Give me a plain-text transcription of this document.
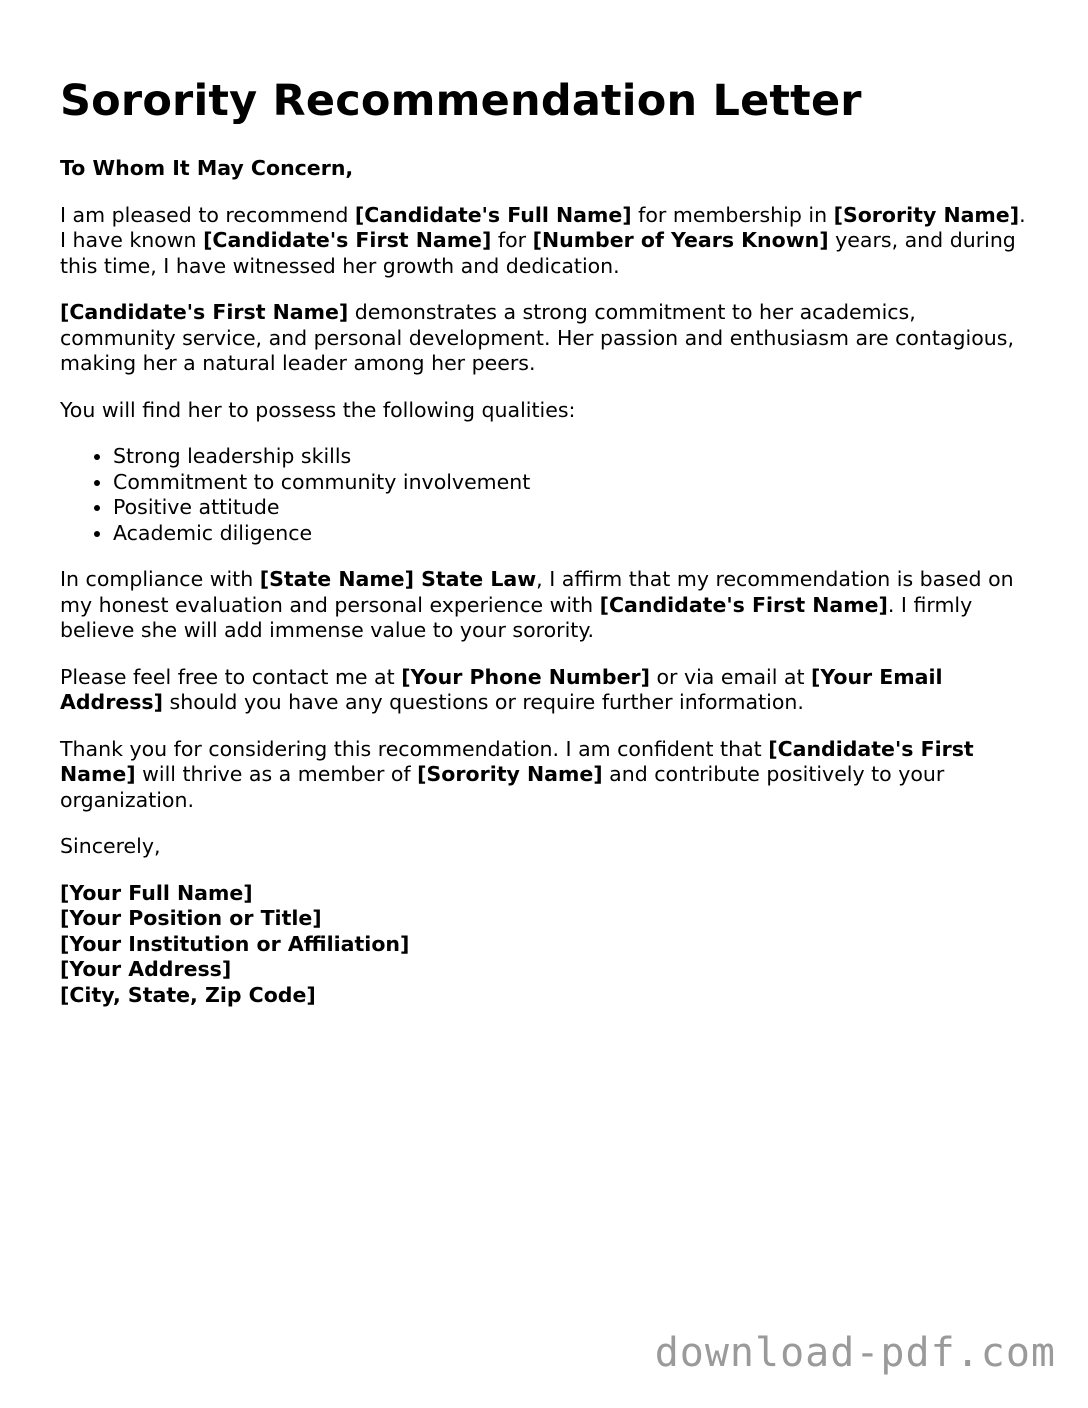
Sorority Recommendation Letter

To Whom It May Concern,

I am pleased to recommend [Candidate's Full Name] for membership in [Sorority Name]. I have known [Candidate's First Name] for [Number of Years Known] years, and during this time, I have witnessed her growth and dedication.

[Candidate's First Name] demonstrates a strong commitment to her academics, community service, and personal development. Her passion and enthusiasm are contagious, making her a natural leader among her peers.

You will find her to possess the following qualities:

• Strong leadership skills
• Commitment to community involvement
• Positive attitude
• Academic diligence

In compliance with [State Name] State Law, I affirm that my recommendation is based on my honest evaluation and personal experience with [Candidate's First Name]. I firmly believe she will add immense value to your sorority.

Please feel free to contact me at [Your Phone Number] or via email at [Your Email Address] should you have any questions or require further information.

Thank you for considering this recommendation. I am confident that [Candidate's First Name] will thrive as a member of [Sorority Name] and contribute positively to your organization.

Sincerely,

[Your Full Name]
[Your Position or Title]
[Your Institution or Affiliation]
[Your Address]
[City, State, Zip Code]
download-pdf.com
